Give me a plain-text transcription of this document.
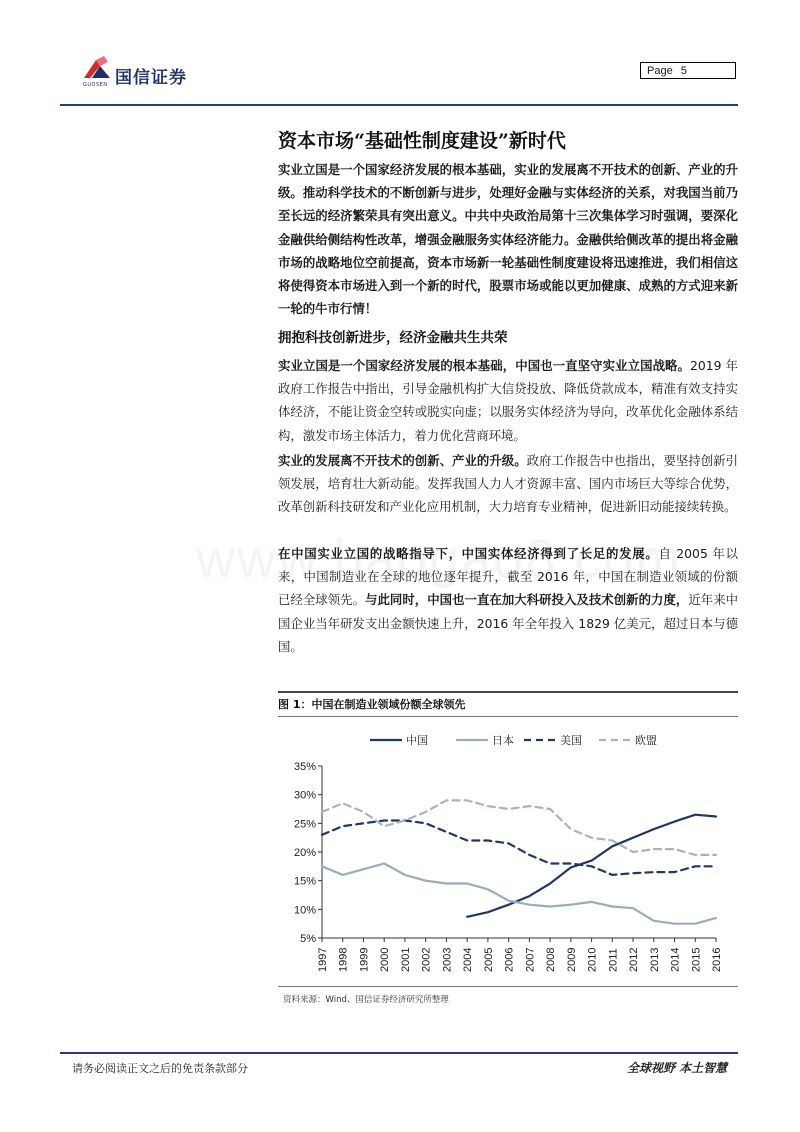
国信证券
GUOSEN
Page 5
资本市场“基础性制度建设”新时代

实业立国是一个国家经济发展的根本基础，实业的发展离不开技术的创新、产业的升级。推动科学技术的不断创新与进步，处理好金融与实体经济的关系，对我国当前乃至长远的经济繁荣具有突出意义。中共中央政治局第十三次集体学习时强调，要深化金融供给侧结构性改革，增强金融服务实体经济能力。金融供给侧改革的提出将金融市场的战略地位空前提高，资本市场新一轮基础性制度建设将迅速推进，我们相信这将使得资本市场进入到一个新的时代，股票市场或能以更加健康、成熟的方式迎来新一轮的牛市行情！

拥抱科技创新进步，经济金融共生共荣

实业立国是一个国家经济发展的根本基础，中国也一直坚守实业立国战略。2019 年政府工作报告中指出，引导金融机构扩大信贷投放、降低贷款成本，精准有效支持实体经济，不能让资金空转或脱实向虚；以服务实体经济为导向，改革优化金融体系结构，激发市场主体活力，着力优化营商环境。

实业的发展离不开技术的创新、产业的升级。政府工作报告中也指出，要坚持创新引领发展，培育壮大新动能。发挥我国人力人才资源丰富、国内市场巨大等综合优势，改革创新科技研发和产业化应用机制，大力培育专业精神，促进新旧动能接续转换。

在中国实业立国的战略指导下，中国实体经济得到了长足的发展。自 2005 年以来，中国制造业在全球的地位逐年提升，截至 2016 年，中国在制造业领域的份额已经全球领先。与此同时，中国也一直在加大科研投入及技术创新的力度，近年来中国企业当年研发支出金额快速上升，2016 年全年投入 1829 亿美元，超过日本与德国。

图 1：中国在制造业领域份额全球领先
5%
10%
15%
20%
25%
30%
35%
1997 1998 1999 2000 2001 2002 2003 2004 2005 2006 2007 2008 2009 2010 2011 2012 2013 2014 2015 2016
中国	日本	美国	欧盟
资料来源：Wind、国信证券经济研究所整理
请务必阅读正文之后的免责条款部分	全球视野 本土智慧
